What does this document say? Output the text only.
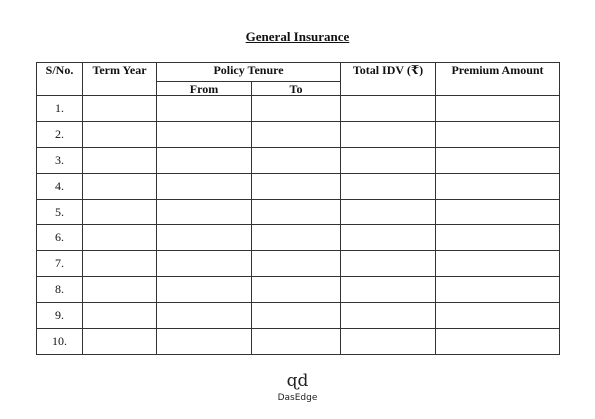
General Insurance
S/No.	Term Year	Policy Tenure		Total IDV (₹)	Premium Amount
		From	To		
1.					
2.					
3.					
4.					
5.					
6.					
7.					
8.					
9.					
10.					
ɋd
DasEdge
